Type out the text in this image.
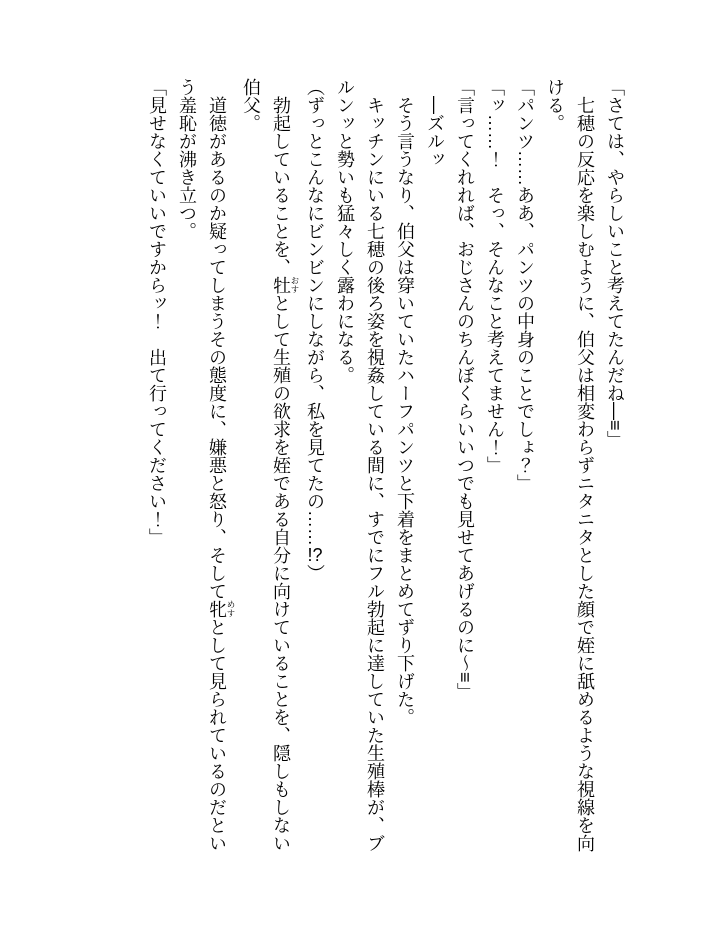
「さては、やらしいこと考えてたんだね―≡」

七穂の反応を楽しむように、伯父は相変わらずニタニタとした顔で姪に舐めるような視線を向ける。

「パンツ……ああ、パンツの中身のことでしょ？」

「ッ……！　そっ、そんなこと考えてません！」

「言ってくれれば、おじさんのちんぼくらいいつでも見せてあげるのに〜≡」

―ズルッ

そう言うなり、伯父は穿いていたハーフパンツと下着をまとめてずり下げた。

キッチンにいる七穂の後ろ姿を視姦している間に、すでにフル勃起に達していた生殖棒が、ブルンッと勢いも猛々しく露わになる。

（ずっとこんなにビンビンにしながら、私を見てたの……!?）

勃起していることを、牡 おすとして生殖の欲求を姪である自分に向けていることを、隠しもしない伯父。

道徳があるのか疑ってしまうその態度に、嫌悪と怒り、そして牝 めすとして見られているのだという羞恥が沸き立つ。

「見せなくていいですからッ！　出て行ってください！」
